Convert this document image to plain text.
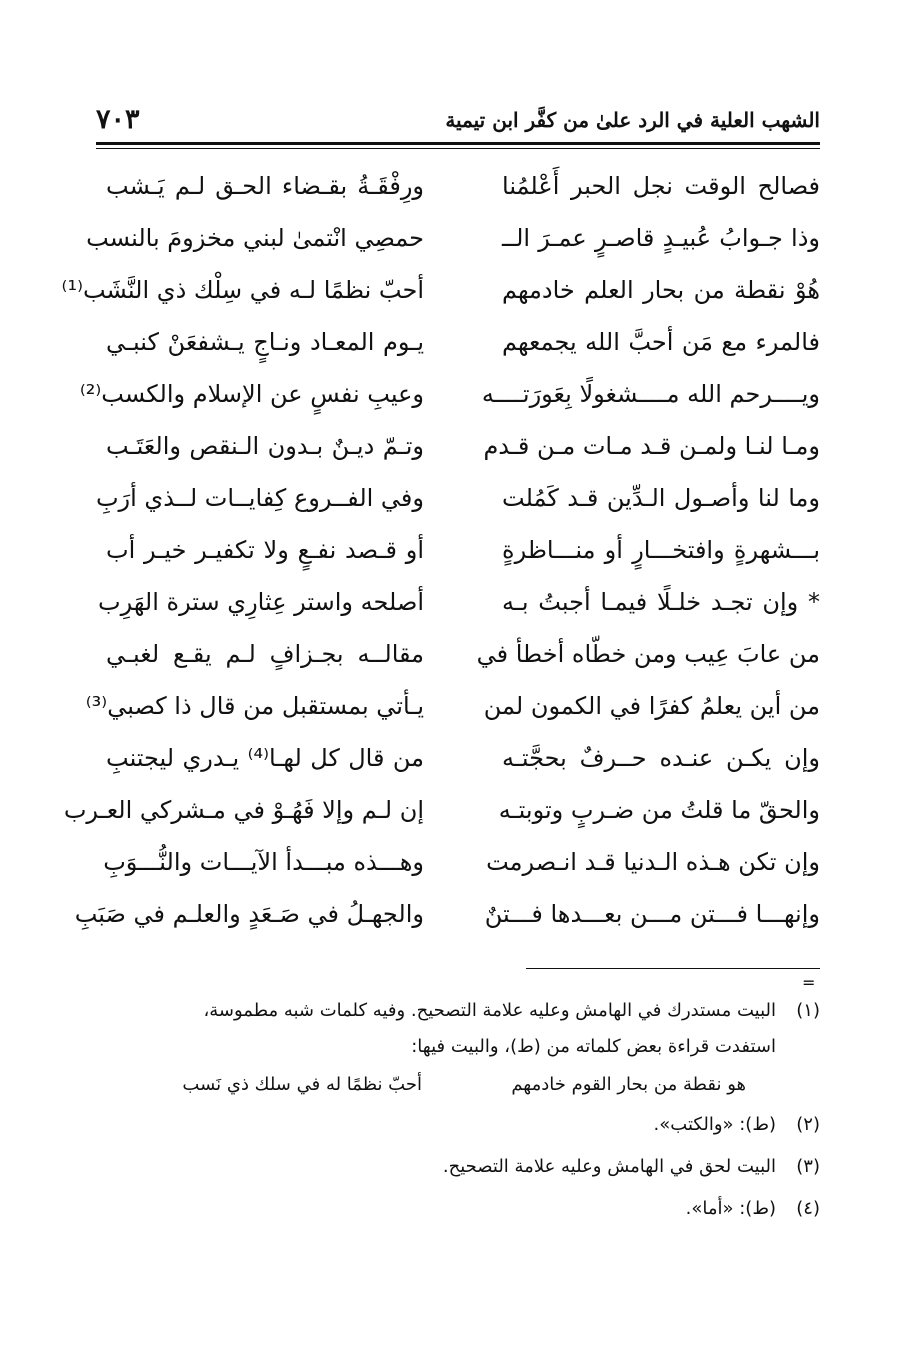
الشهب العلية في الرد علىٰ من كفَّر ابن تيمية
٧٠٣
فصالح الوقت نجل الحبر أَعْلمُنا
ورِفْقَـةُ بقـضاء الحـق لـم يَـشب
وذا جـوابُ عُبيـدٍ قاصـرٍ عمـرَ الــ
حمصِي انْتمىٰ لبني مخزومَ بالنسب
هُوْ نقطة من بحار العلم خادمهم
أحبّ نظمًا لـه في سِلْك ذي النَّشَب⁽¹⁾
فالمرء مع مَن أحبَّ الله يجمعهم
يـوم المعـاد ونـاجٍ يـشفعَنْ كنبـي
ويــــرحم الله مــــشغولًا بِعَورَتــــه
وعيبِ نفسٍ عن الإسلام والكسب⁽²⁾
ومـا لنـا ولمـن قـد مـات مـن قـدم
وتـمّ ديـنٌ بـدون الـنقص والعَتَـب
وما لنا وأصـول الـدِّين قـد كَمُلت
وفي الفــروع كِفايــات لــذي أرَبِ
بـــشهرةٍ وافتخـــارٍ أو منـــاظرةٍ
أو قـصد نفـعٍ ولا تكفيـر خيـر أب
* وإن تجـد خلـلًا فيمـا أجبتُ بـه
أصلحه واستر عِثارِي سترة الهَرِب
من عابَ عِيب ومن خطّاه أخطأ في
مقالــه بجـزافٍ لـم يقـع لغبـي
من أين يعلمُ كفرًا في الكمون لمن
يـأتي بمستقبل من قال ذا كصبي⁽³⁾
وإن يكـن عنـده حــرفٌ بحجَّتـه
من قال كل لهـا⁽⁴⁾ يـدري ليجتنبِ
والحقّ ما قلتُ من ضـربٍ وتوبتـه
إن لـم وإلا فَهُـوْ في مـشركي العـرب
وإن تكن هـذه الـدنيا قـد انـصرمت
وهـــذه مبـــدأ الآيـــات والنُّـــوَبِ
وإنهـــا فـــتن مـــن بعـــدها فـــتنٌ
والجهـلُ في صَـعَدٍ والعلـم في صَبَبِ
=
(١)البيت مستدرك في الهامش وعليه علامة التصحيح. وفيه كلمات شبه مطموسة،
استفدت قراءة بعض كلماته من (ط)، والبيت فيها:
هو نقطة من بحار القوم خادمهم
أحبّ نظمًا له في سلك ذي نَسب
(٢)(ط): «والكتب».
(٣)البيت لحق في الهامش وعليه علامة التصحيح.
(٤)(ط): «أما».
